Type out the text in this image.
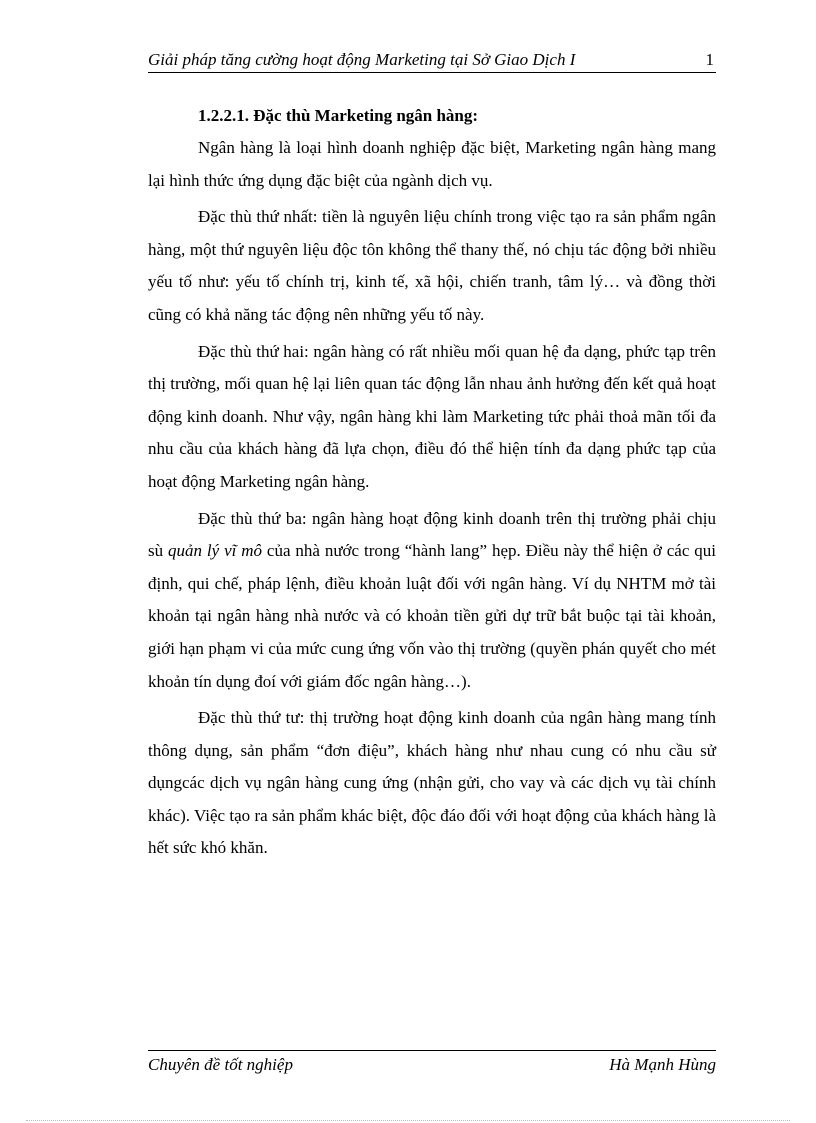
Giải pháp tăng cường hoạt động Marketing tại Sở Giao Dịch I	1

1.2.2.1. Đặc thù Marketing ngân hàng:

Ngân hàng là loại hình doanh nghiệp đặc biệt, Marketing ngân hàng mang lại hình thức ứng dụng đặc biệt của ngành dịch vụ.

Đặc thù thứ nhất: tiền là nguyên liệu chính trong việc tạo ra sản phẩm ngân hàng, một thứ nguyên liệu độc tôn không thể thany thế, nó chịu tác động bởi nhiều yếu tố như: yếu tố chính trị, kinh tế, xã hội, chiến tranh, tâm lý… và đồng thời cũng có khả năng tác động nên những yếu tố này.

Đặc thù thứ hai: ngân hàng có rất nhiều mối quan hệ đa dạng, phức tạp trên thị trường, mối quan hệ lại liên quan tác động lẫn nhau ảnh hưởng đến kết quả hoạt động kinh doanh. Như vậy, ngân hàng khi làm Marketing tức phải thoả mãn tối đa nhu cầu của khách hàng đã lựa chọn, điều đó thể hiện tính đa dạng phức tạp của hoạt động Marketing ngân hàng.

Đặc thù thứ ba: ngân hàng hoạt động kinh doanh trên thị trường phải chịu sù quản lý vĩ mô của nhà nước trong “hành lang” hẹp. Điều này thể hiện ở các qui định, qui chế, pháp lệnh, điều khoản luật đối với ngân hàng. Ví dụ NHTM mở tài khoản tại ngân hàng nhà nước và có khoản tiền gửi dự trữ bắt buộc tại tài khoản, giới hạn phạm vi của mức cung ứng vốn vào thị trường (quyền phán quyết cho mét khoản tín dụng đoí với giám đốc ngân hàng…).

Đặc thù thứ tư: thị trường hoạt động kinh doanh của ngân hàng mang tính thông dụng, sản phẩm “đơn điệu”, khách hàng như nhau cung có nhu cầu sử dụngcác dịch vụ ngân hàng cung ứng (nhận gửi, cho vay và các dịch vụ tài chính khác). Việc tạo ra sản phẩm khác biệt, độc đáo đối với hoạt động của khách hàng là hết sức khó khăn.

Chuyên đề tốt nghiệp	Hà Mạnh Hùng
